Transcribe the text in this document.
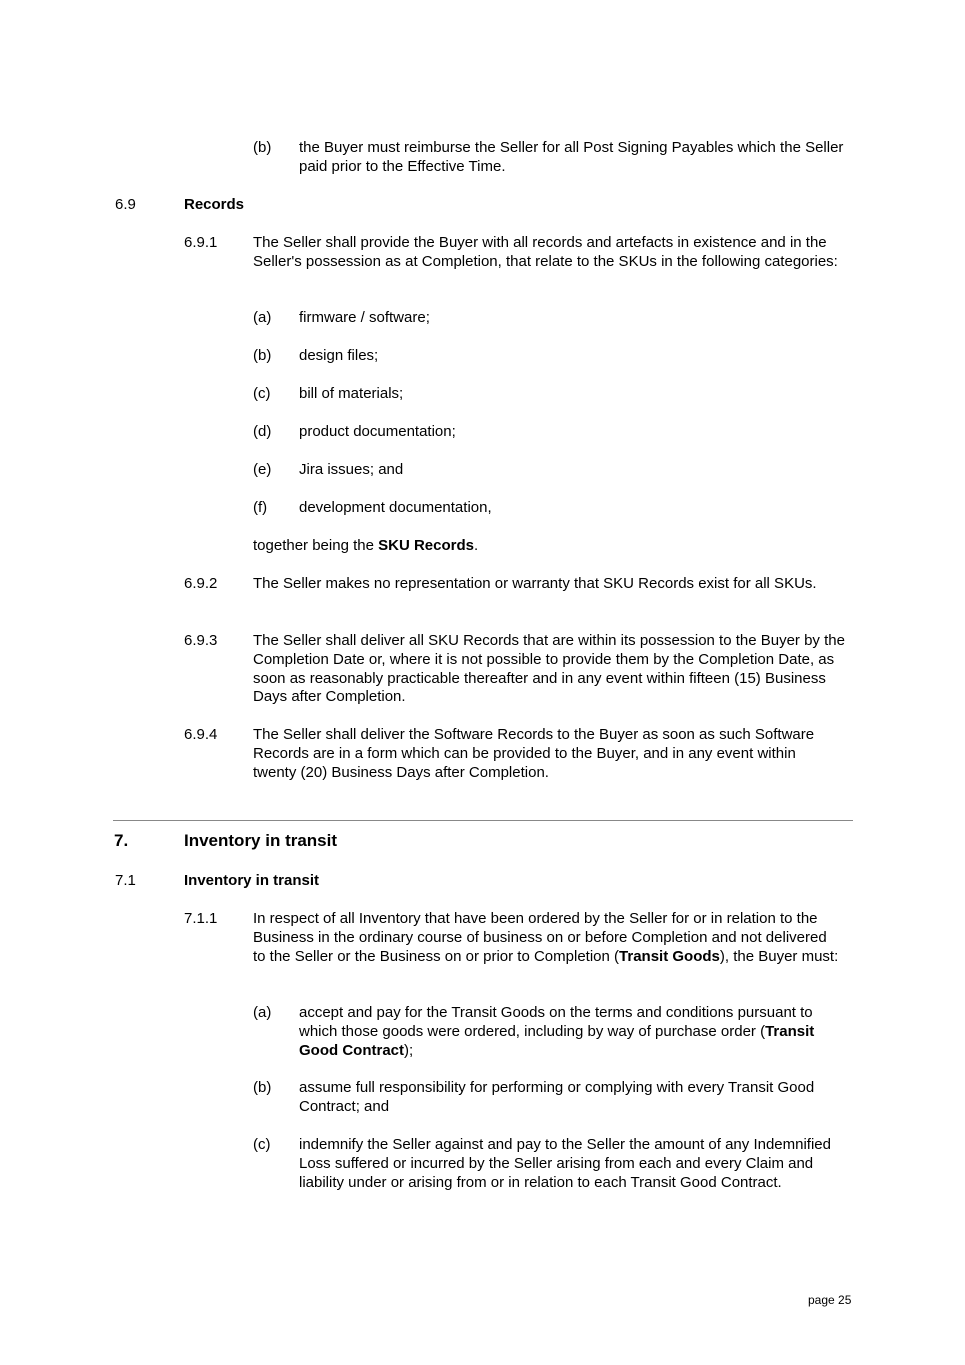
(b) the Buyer must reimburse the Seller for all Post Signing Payables which the Seller paid prior to the Effective Time.
6.9	Records
6.9.1 The Seller shall provide the Buyer with all records and artefacts in existence and in the Seller's possession as at Completion, that relate to the SKUs in the following categories:
(a) firmware / software;
(b) design files;
(c) bill of materials;
(d) product documentation;
(e) Jira issues; and
(f) development documentation,
together being the SKU Records.
6.9.2 The Seller makes no representation or warranty that SKU Records exist for all SKUs.
6.9.3 The Seller shall deliver all SKU Records that are within its possession to the Buyer by the Completion Date or, where it is not possible to provide them by the Completion Date, as soon as reasonably practicable thereafter and in any event within fifteen (15) Business Days after Completion.
6.9.4 The Seller shall deliver the Software Records to the Buyer as soon as such Software Records are in a form which can be provided to the Buyer, and in any event within twenty (20) Business Days after Completion.
7.	Inventory in transit
7.1	Inventory in transit
7.1.1 In respect of all Inventory that have been ordered by the Seller for or in relation to the Business in the ordinary course of business on or before Completion and not delivered to the Seller or the Business on or prior to Completion (Transit Goods), the Buyer must:
(a) accept and pay for the Transit Goods on the terms and conditions pursuant to which those goods were ordered, including by way of purchase order (Transit Good Contract);
(b) assume full responsibility for performing or complying with every Transit Good Contract; and
(c) indemnify the Seller against and pay to the Seller the amount of any Indemnified Loss suffered or incurred by the Seller arising from each and every Claim and liability under or arising from or in relation to each Transit Good Contract.
page 25
